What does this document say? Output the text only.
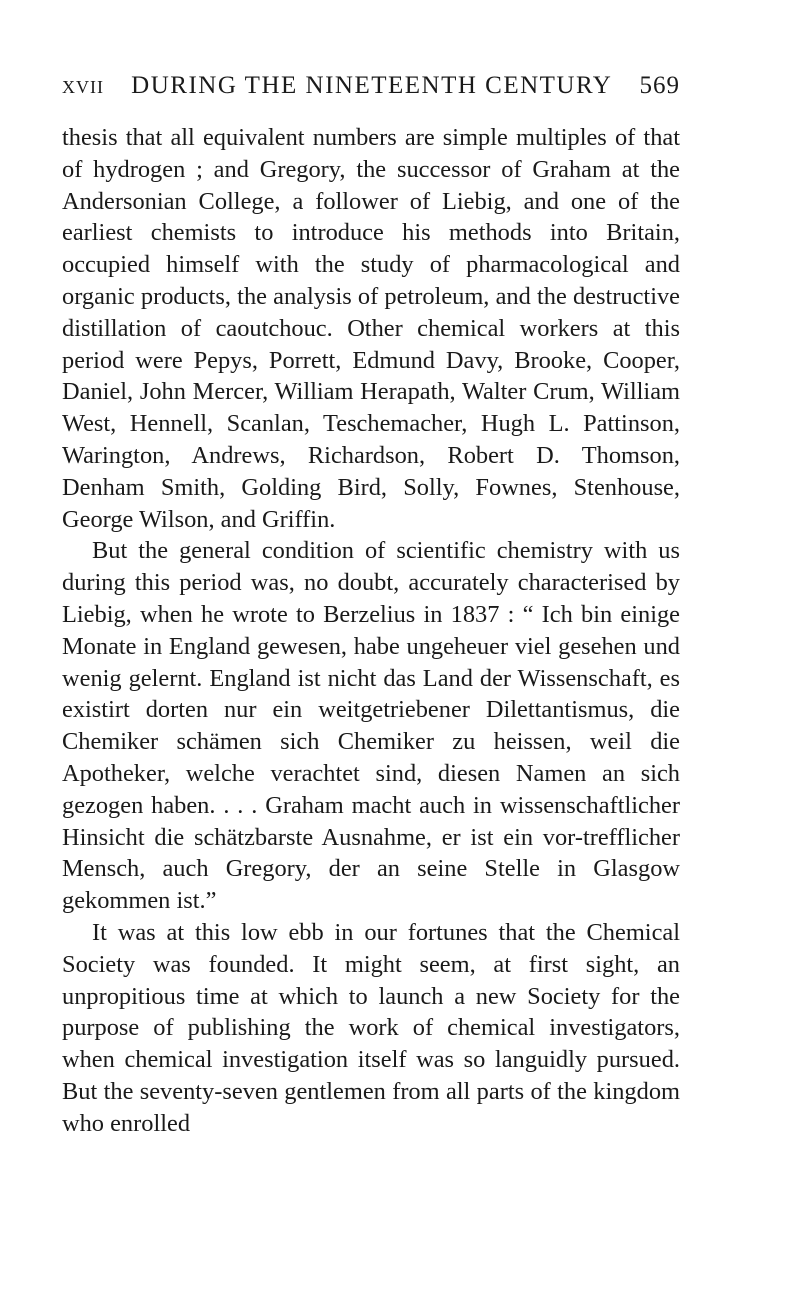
XVII DURING THE NINETEENTH CENTURY 569

thesis that all equivalent numbers are simple multiples of that of hydrogen ; and Gregory, the successor of Graham at the Andersonian College, a follower of Liebig, and one of the earliest chemists to introduce his methods into Britain, occupied himself with the study of pharmacological and organic products, the analysis of petroleum, and the destructive distillation of caoutchouc. Other chemical workers at this period were Pepys, Porrett, Edmund Davy, Brooke, Cooper, Daniel, John Mercer, William Herapath, Walter Crum, William West, Hennell, Scanlan, Teschemacher, Hugh L. Pattinson, Warington, Andrews, Richardson, Robert D. Thomson, Denham Smith, Golding Bird, Solly, Fownes, Stenhouse, George Wilson, and Griffin.

But the general condition of scientific chemistry with us during this period was, no doubt, accurately characterised by Liebig, when he wrote to Berzelius in 1837 : “ Ich bin einige Monate in England gewesen, habe ungeheuer viel gesehen und wenig gelernt. England ist nicht das Land der Wissenschaft, es existirt dorten nur ein weitgetriebener Dilettantismus, die Chemiker schämen sich Chemiker zu heissen, weil die Apotheker, welche verachtet sind, diesen Namen an sich gezogen haben. . . . Graham macht auch in wissenschaftlicher Hinsicht die schätzbarste Ausnahme, er ist ein vor-trefflicher Mensch, auch Gregory, der an seine Stelle in Glasgow gekommen ist.”

It was at this low ebb in our fortunes that the Chemical Society was founded. It might seem, at first sight, an unpropitious time at which to launch a new Society for the purpose of publishing the work of chemical investigators, when chemical investigation itself was so languidly pursued. But the seventy-seven gentlemen from all parts of the kingdom who enrolled
